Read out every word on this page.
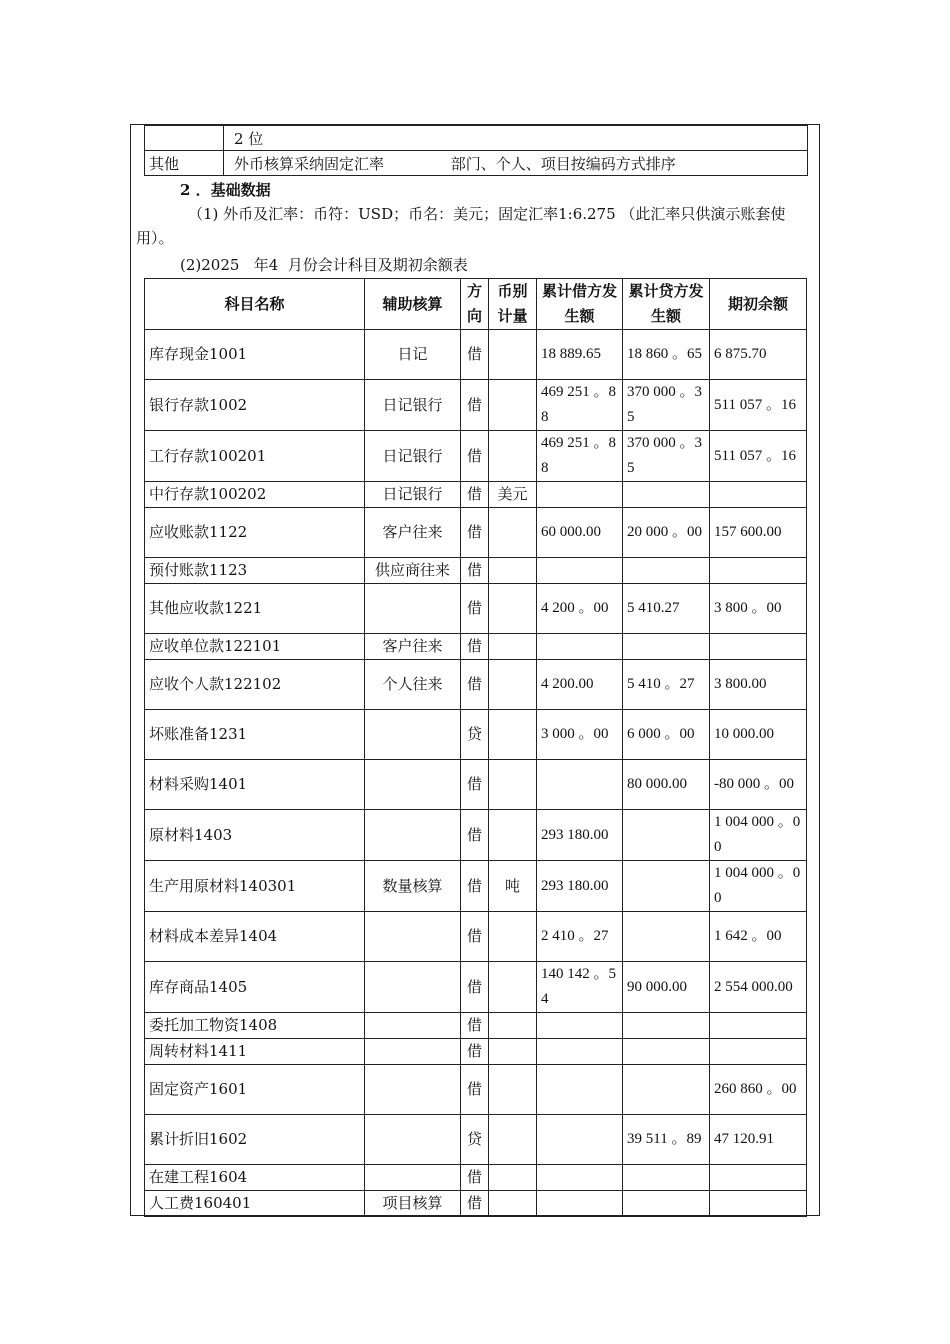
	2 位
其他	外币核算采纳固定汇率              部门、个人、项目按编码方式排序
2 ．基础数据
（1) 外币及汇率：币符：USD；币名：美元；固定汇率1:6.275 （此汇率只供演示账套使用）。
(2)2025   年4  月份会计科目及期初余额表
科目名称	辅助核算	方向	币别计量	累计借方发生额	累计贷方发生额	期初余额
库存现金1001	日记	借		18 889.65	18 860 。65	6 875.70
银行存款1002	日记银行	借		469 251 。88	370 000 。35	511 057 。16
工行存款100201	日记银行	借		469 251 。88	370 000 。35	511 057 。16
中行存款100202	日记银行	借	美元			
应收账款1122	客户往来	借		60 000.00	20 000 。00	157 600.00
预付账款1123	供应商往来	借				
其他应收款1221		借		4 200 。00	5 410.27	3 800 。00
应收单位款122101	客户往来	借				
应收个人款122102	个人往来	借		4 200.00	5 410 。27	3 800.00
坏账准备1231		贷		3 000 。00	6 000 。00	10 000.00
材料采购1401		借			80 000.00	-80 000 。00
原材料1403		借		293 180.00		1 004 000 。00
生产用原材料140301	数量核算	借	吨	293 180.00		1 004 000 。00
材料成本差异1404		借		2 410 。27		1 642 。00
库存商品1405		借		140 142 。54	90 000.00	2 554 000.00
委托加工物资1408		借				
周转材料1411		借				
固定资产1601		借				260 860 。00
累计折旧1602		贷			39 511 。89	47 120.91
在建工程1604		借				
人工费160401	项目核算	借				
